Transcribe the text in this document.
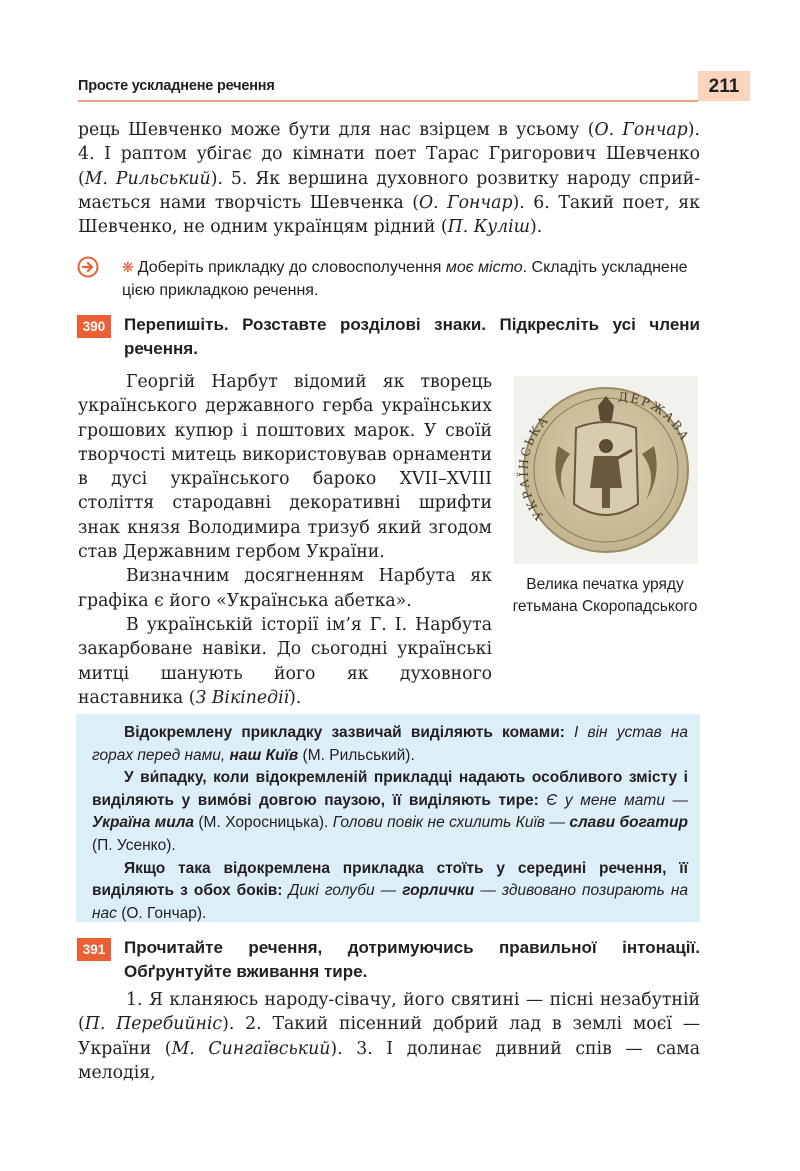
Просте ускладнене речення	211

рець Шевченко може бути для нас взірцем в усьому (О. Гончар).

4. І раптом убігає до кімнати поет Тарас Григорович Шевченко

(М. Рильський). 5. Як вершина духовного розвитку народу сприй-

мається нами творчість Шевченка (О. Гончар). 6. Такий поет, як

Шевченко, не одним українцям рідний (П. Куліш).

❋ Доберіть прикладку до словосполучення моє місто. Складіть ускладнене цією прикладкою речення.
390	Перепишіть. Розставте розділові знаки. Підкресліть усі члени речення.

Георгій Нарбут відомий як творець українського державного герба українських грошових купюр і поштових марок. У своїй творчості митець використовував орнаменти в дусі українського бароко XVII–XVIII століття стародавні декоративні шрифти знак князя Володимира тризуб який згодом став Державним гербом України.

Визначним досягненням Нарбута як графіка є його «Українська абетка».

В українській історії ім’я Г. І. Нарбута закарбоване навіки. До сьогодні українські митці шанують його як духовного наставника (З Вікіпедії).

УКРАЇНСЬКА
ДЕРЖАВА
Велика печатка уряду гетьмана Скоропадського

Відокремлену прикладку зазвичай виділяють комами: І він устав на горах перед нами, наш Київ (М. Рильський).

У ви́падку, коли відокремленій прикладці надають особливого змісту і виділяють у вимо́ві довгою паузою, її виділяють тире: Є у мене мати — Україна мила (М. Хоросницька). Голови повік не схилить Київ — слави богатир (П. Усенко).

Якщо така відокремлена прикладка стоїть у середині речення, її виділяють з обох боків: Дикі голуби — горлички — здивовано позирають на нас (О. Гончар).

391	Прочитайте речення, дотримуючись правильної інтонації. Обґрунтуйте вживання тире.

1. Я кланяюсь народу-сівачу, його святині — пісні незабутній (П. Перебийніс). 2. Такий пісенний добрий лад в землі моєї — України (М. Сингаївський). 3. І долинає дивний спів — сама мелодія,
